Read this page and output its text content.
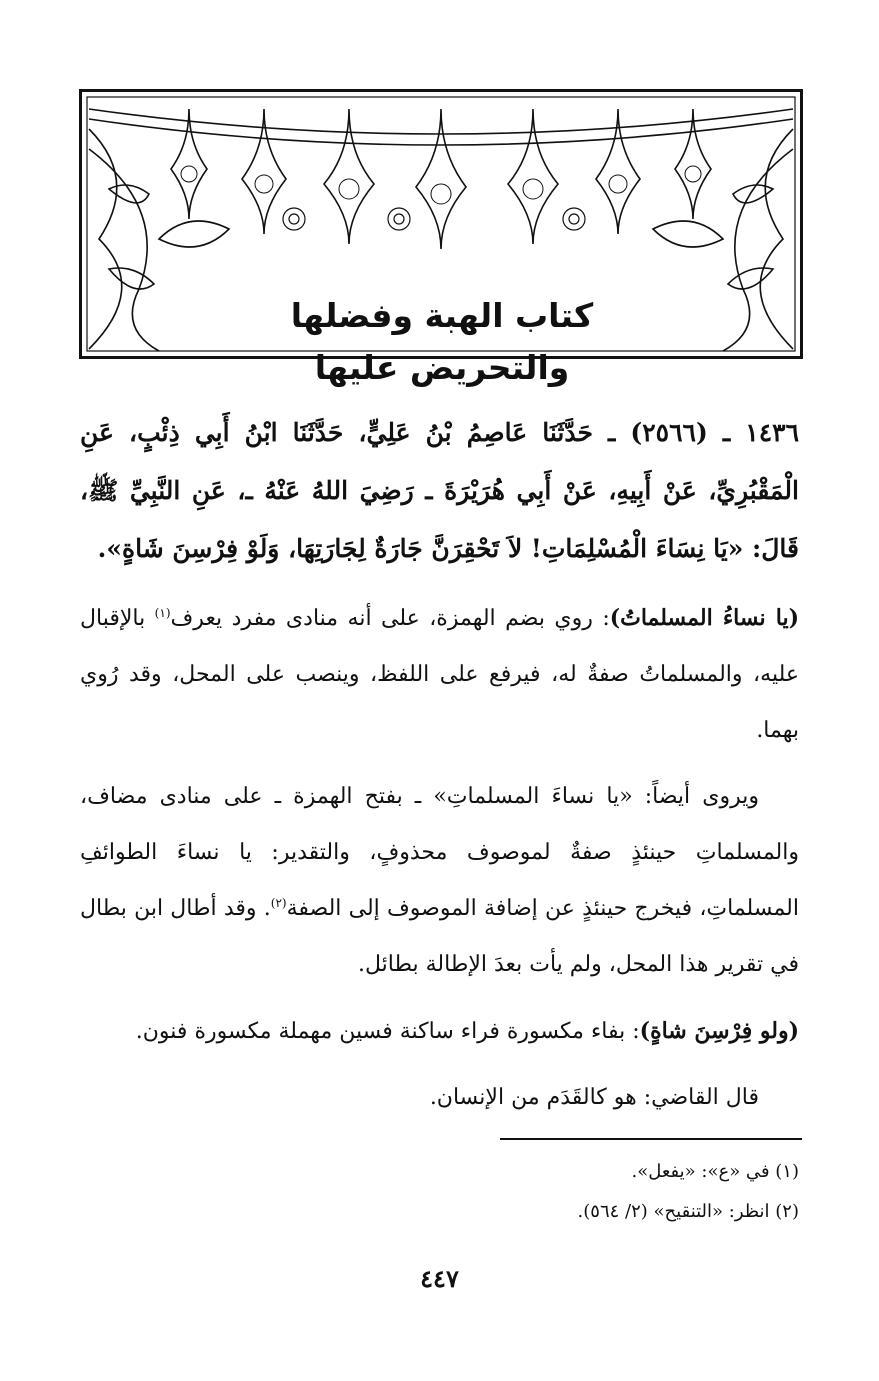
كتاب الهبة وفضلها والتحريض عليها

١٤٣٦ ـ (٢٥٦٦) ـ حَدَّثَنَا عَاصِمُ بْنُ عَلِيٍّ، حَدَّثَنَا ابْنُ أَبِي ذِئْبٍ، عَنِ الْمَقْبُرِيِّ، عَنْ أَبِيهِ، عَنْ أَبِي هُرَيْرَةَ ـ رَضِيَ اللهُ عَنْهُ ـ، عَنِ النَّبِيِّ ﷺ، قَالَ: «يَا نِسَاءَ الْمُسْلِمَاتِ! لاَ تَحْقِرَنَّ جَارَةٌ لِجَارَتِهَا، وَلَوْ فِرْسِنَ شَاةٍ».

(يا نساءُ المسلماتُ): روي بضم الهمزة، على أنه منادى مفرد يعرف$^{(١)}$ بالإقبال عليه، والمسلماتُ صفةٌ له، فيرفع على اللفظ، وينصب على المحل، وقد رُوي بهما.

ويروى أيضاً: «يا نساءَ المسلماتِ» ـ بفتح الهمزة ـ على منادى مضاف، والمسلماتِ حينئذٍ صفةٌ لموصوف محذوفٍ، والتقدير: يا نساءَ الطوائفِ المسلماتِ، فيخرج حينئذٍ عن إضافة الموصوف إلى الصفة$^{(٢)}$. وقد أطال ابن بطال في تقرير هذا المحل، ولم يأت بعدَ الإطالة بطائل.

(ولو فِرْسِنَ شاةٍ): بفاء مكسورة فراء ساكنة فسين مهملة مكسورة فنون.

قال القاضي: هو كالقَدَم من الإنسان.

(١) في «ع»: «يفعل».

(٢) انظر: «التنقيح» (٢/ ٥٦٤).

٤٤٧
